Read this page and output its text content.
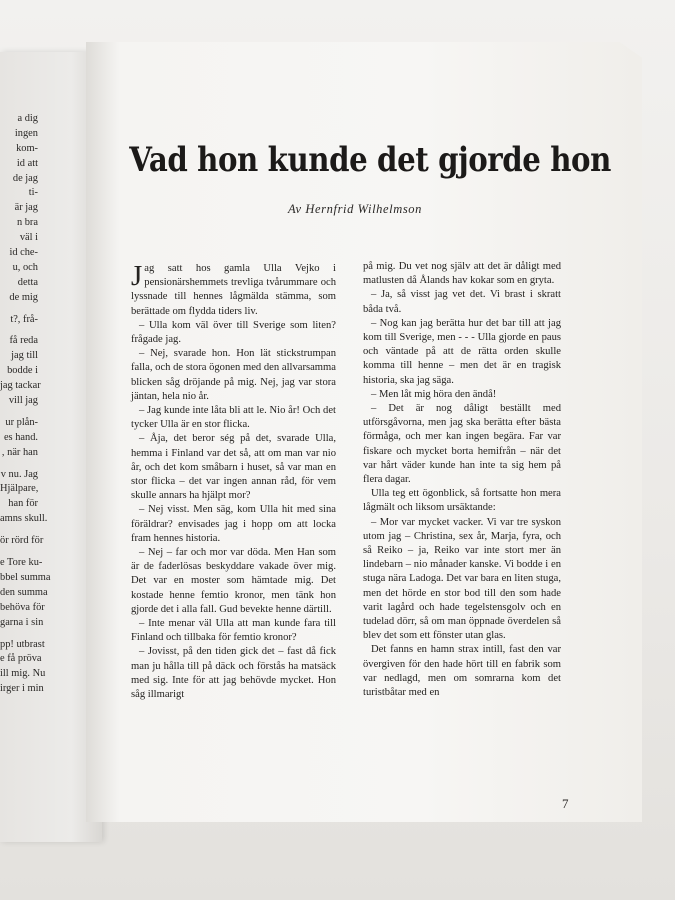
a dig
ingen
kom-
id att
de jag
ti-
är jag
n bra
väl i
id che-
u, och
detta
de mig
t?, frå-
få reda
jag till
bodde i
jag tackar
vill jag
ur plån-
es hand.
, när han
v nu. Jag
Hjälpare,
han för
amns skull.
ör rörd för
e Tore ku-
bbel summa
den summa
behöva för
garna i sin
pp! utbrast
e få pröva
ill mig. Nu
irger i min
Vad hon kunde det gjorde hon
Av Hernfrid Wilhelmson

Jag satt hos gamla Ulla Vejko i pensionärshemmets trevliga tvårummare och lyssnade till hennes lågmälda stämma, som berättade om flydda tiders liv.

– Ulla kom väl över till Sverige som liten? frågade jag.

– Nej, svarade hon. Hon lät stickstrumpan falla, och de stora ögonen med den allvarsamma blicken såg dröjande på mig. Nej, jag var stora jäntan, hela nio år.

– Jag kunde inte låta bli att le. Nio år! Och det tycker Ulla är en stor flicka.

– Åja, det beror ség på det, svarade Ulla, hemma i Finland var det så, att om man var nio år, och det kom småbarn i huset, så var man en stor flicka – det var ingen annan råd, för vem skulle annars ha hjälpt mor?

– Nej visst. Men säg, kom Ulla hit med sina föräldrar? envisades jag i hopp om att locka fram hennes historia.

– Nej – far och mor var döda. Men Han som är de faderlösas beskyddare vakade över mig. Det var en moster som hämtade mig. Det kostade henne femtio kronor, men tänk hon gjorde det i alla fall. Gud bevekte henne därtill.

– Inte menar väl Ulla att man kunde fara till Finland och tillbaka för femtio kronor?

– Jovisst, på den tiden gick det – fast då fick man ju hålla till på däck och förstås ha matsäck med sig. Inte för att jag behövde mycket. Hon såg illmarigt

på mig. Du vet nog själv att det är dåligt med matlusten då Ålands hav kokar som en gryta.

– Ja, så visst jag vet det. Vi brast i skratt båda två.

– Nog kan jag berätta hur det bar till att jag kom till Sverige, men - - - Ulla gjorde en paus och väntade på att de rätta orden skulle komma till henne – men det är en tragisk historia, ska jag säga.

– Men låt mig höra den ändå!

– Det är nog dåligt beställt med utförsgåvorna, men jag ska berätta efter bästa förmåga, och mer kan ingen begära. Far var fiskare och mycket borta hemifrån – när det var hårt väder kunde han inte ta sig hem på flera dagar.

Ulla teg ett ögonblick, så fortsatte hon mera lågmält och liksom ursäktande:

– Mor var mycket vacker. Vi var tre syskon utom jag – Christina, sex år, Marja, fyra, och så Reiko – ja, Reiko var inte stort mer än lindebarn – nio månader kanske. Vi bodde i en stuga nära Ladoga. Det var bara en liten stuga, men det hörde en stor bod till den som hade varit lagård och hade tegelstensgolv och en tudelad dörr, så om man öppnade överdelen så blev det som ett fönster utan glas.

Det fanns en hamn strax intill, fast den var övergiven för den hade hört till en fabrik som var nedlagd, men om somrarna kom det turistbåtar med en

7
